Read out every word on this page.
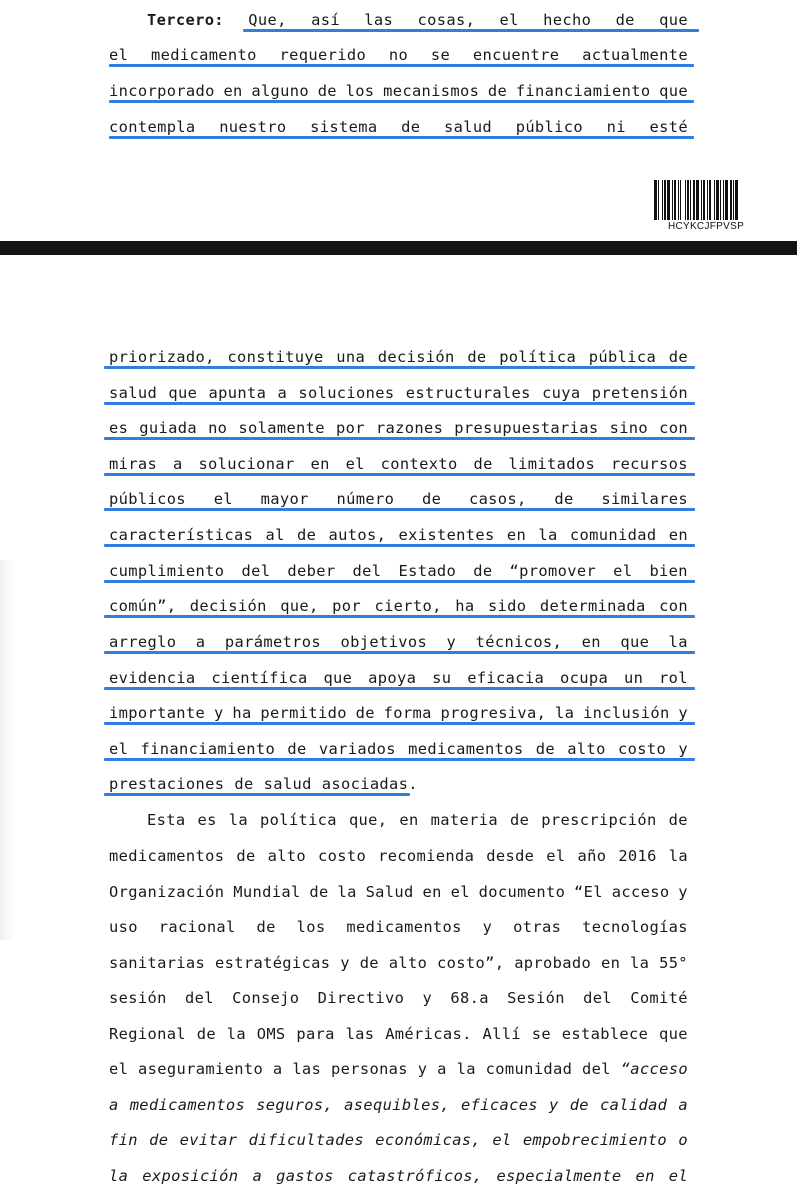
Tercero: Que, así las cosas, el hecho de que
el medicamento requerido no se encuentre actualmente
incorporado en alguno de los mecanismos de financiamiento que
contempla nuestro sistema de salud público ni esté
priorizado, constituye una decisión de política pública de
salud que apunta a soluciones estructurales cuya pretensión
es guiada no solamente por razones presupuestarias sino con
miras a solucionar en el contexto de limitados recursos
públicos el mayor número de casos, de similares
características al de autos, existentes en la comunidad en
cumplimiento del deber del Estado de “promover el bien
común”, decisión que, por cierto, ha sido determinada con
arreglo a parámetros objetivos y técnicos, en que la
evidencia científica que apoya su eficacia ocupa un rol
importante y ha permitido de forma progresiva, la inclusión y
el financiamiento de variados medicamentos de alto costo y
prestaciones de salud asociadas.
Esta es la política que, en materia de prescripción de
medicamentos de alto costo recomienda desde el año 2016 la
Organización Mundial de la Salud en el documento “El acceso y
uso racional de los medicamentos y otras tecnologías
sanitarias estratégicas y de alto costo”, aprobado en la 55°
sesión del Consejo Directivo y 68.a Sesión del Comité
Regional de la OMS para las Américas. Allí se establece que
el aseguramiento a las personas y a la comunidad del “acceso
a medicamentos seguros, asequibles, eficaces y de calidad a
fin de evitar dificultades económicas, el empobrecimiento o
la exposición a gastos catastróficos, especialmente en el
HCYKCJFPVSP
